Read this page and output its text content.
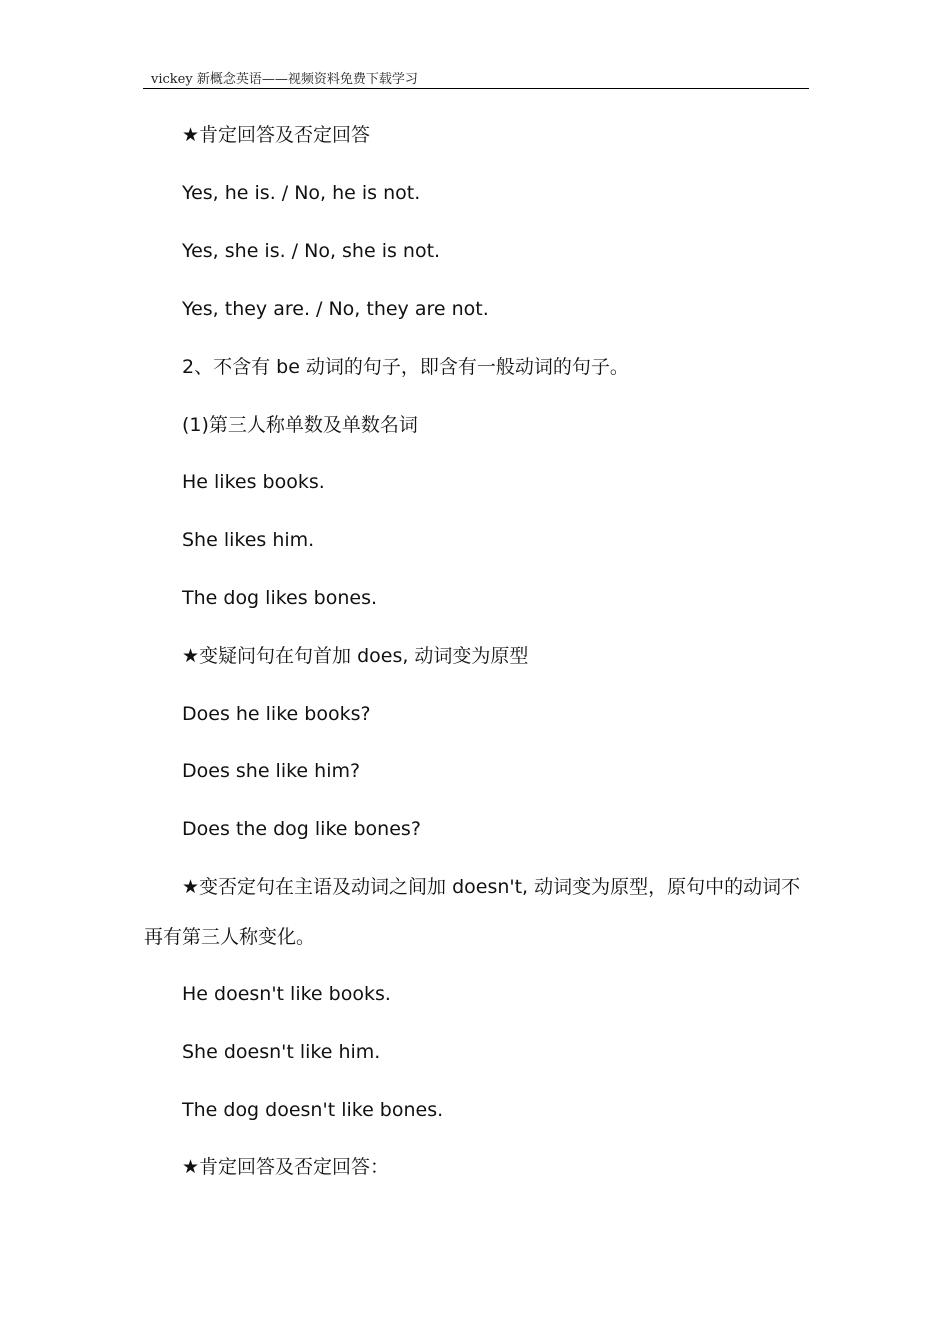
vickey 新概念英语——视频资料免费下载学习
★肯定回答及否定回答
Yes, he is. / No, he is not.
Yes, she is. / No, she is not.
Yes, they are. / No, they are not.
2、不含有 be 动词的句子，即含有一般动词的句子。
(1)第三人称单数及单数名词
He likes books.
She likes him.
The dog likes bones.
★变疑问句在句首加 does, 动词变为原型
Does he like books?
Does she like him?
Does the dog like bones?
★变否定句在主语及动词之间加 doesn't, 动词变为原型，原句中的动词不
再有第三人称变化。
He doesn't like books.
She doesn't like him.
The dog doesn't like bones.
★肯定回答及否定回答：
